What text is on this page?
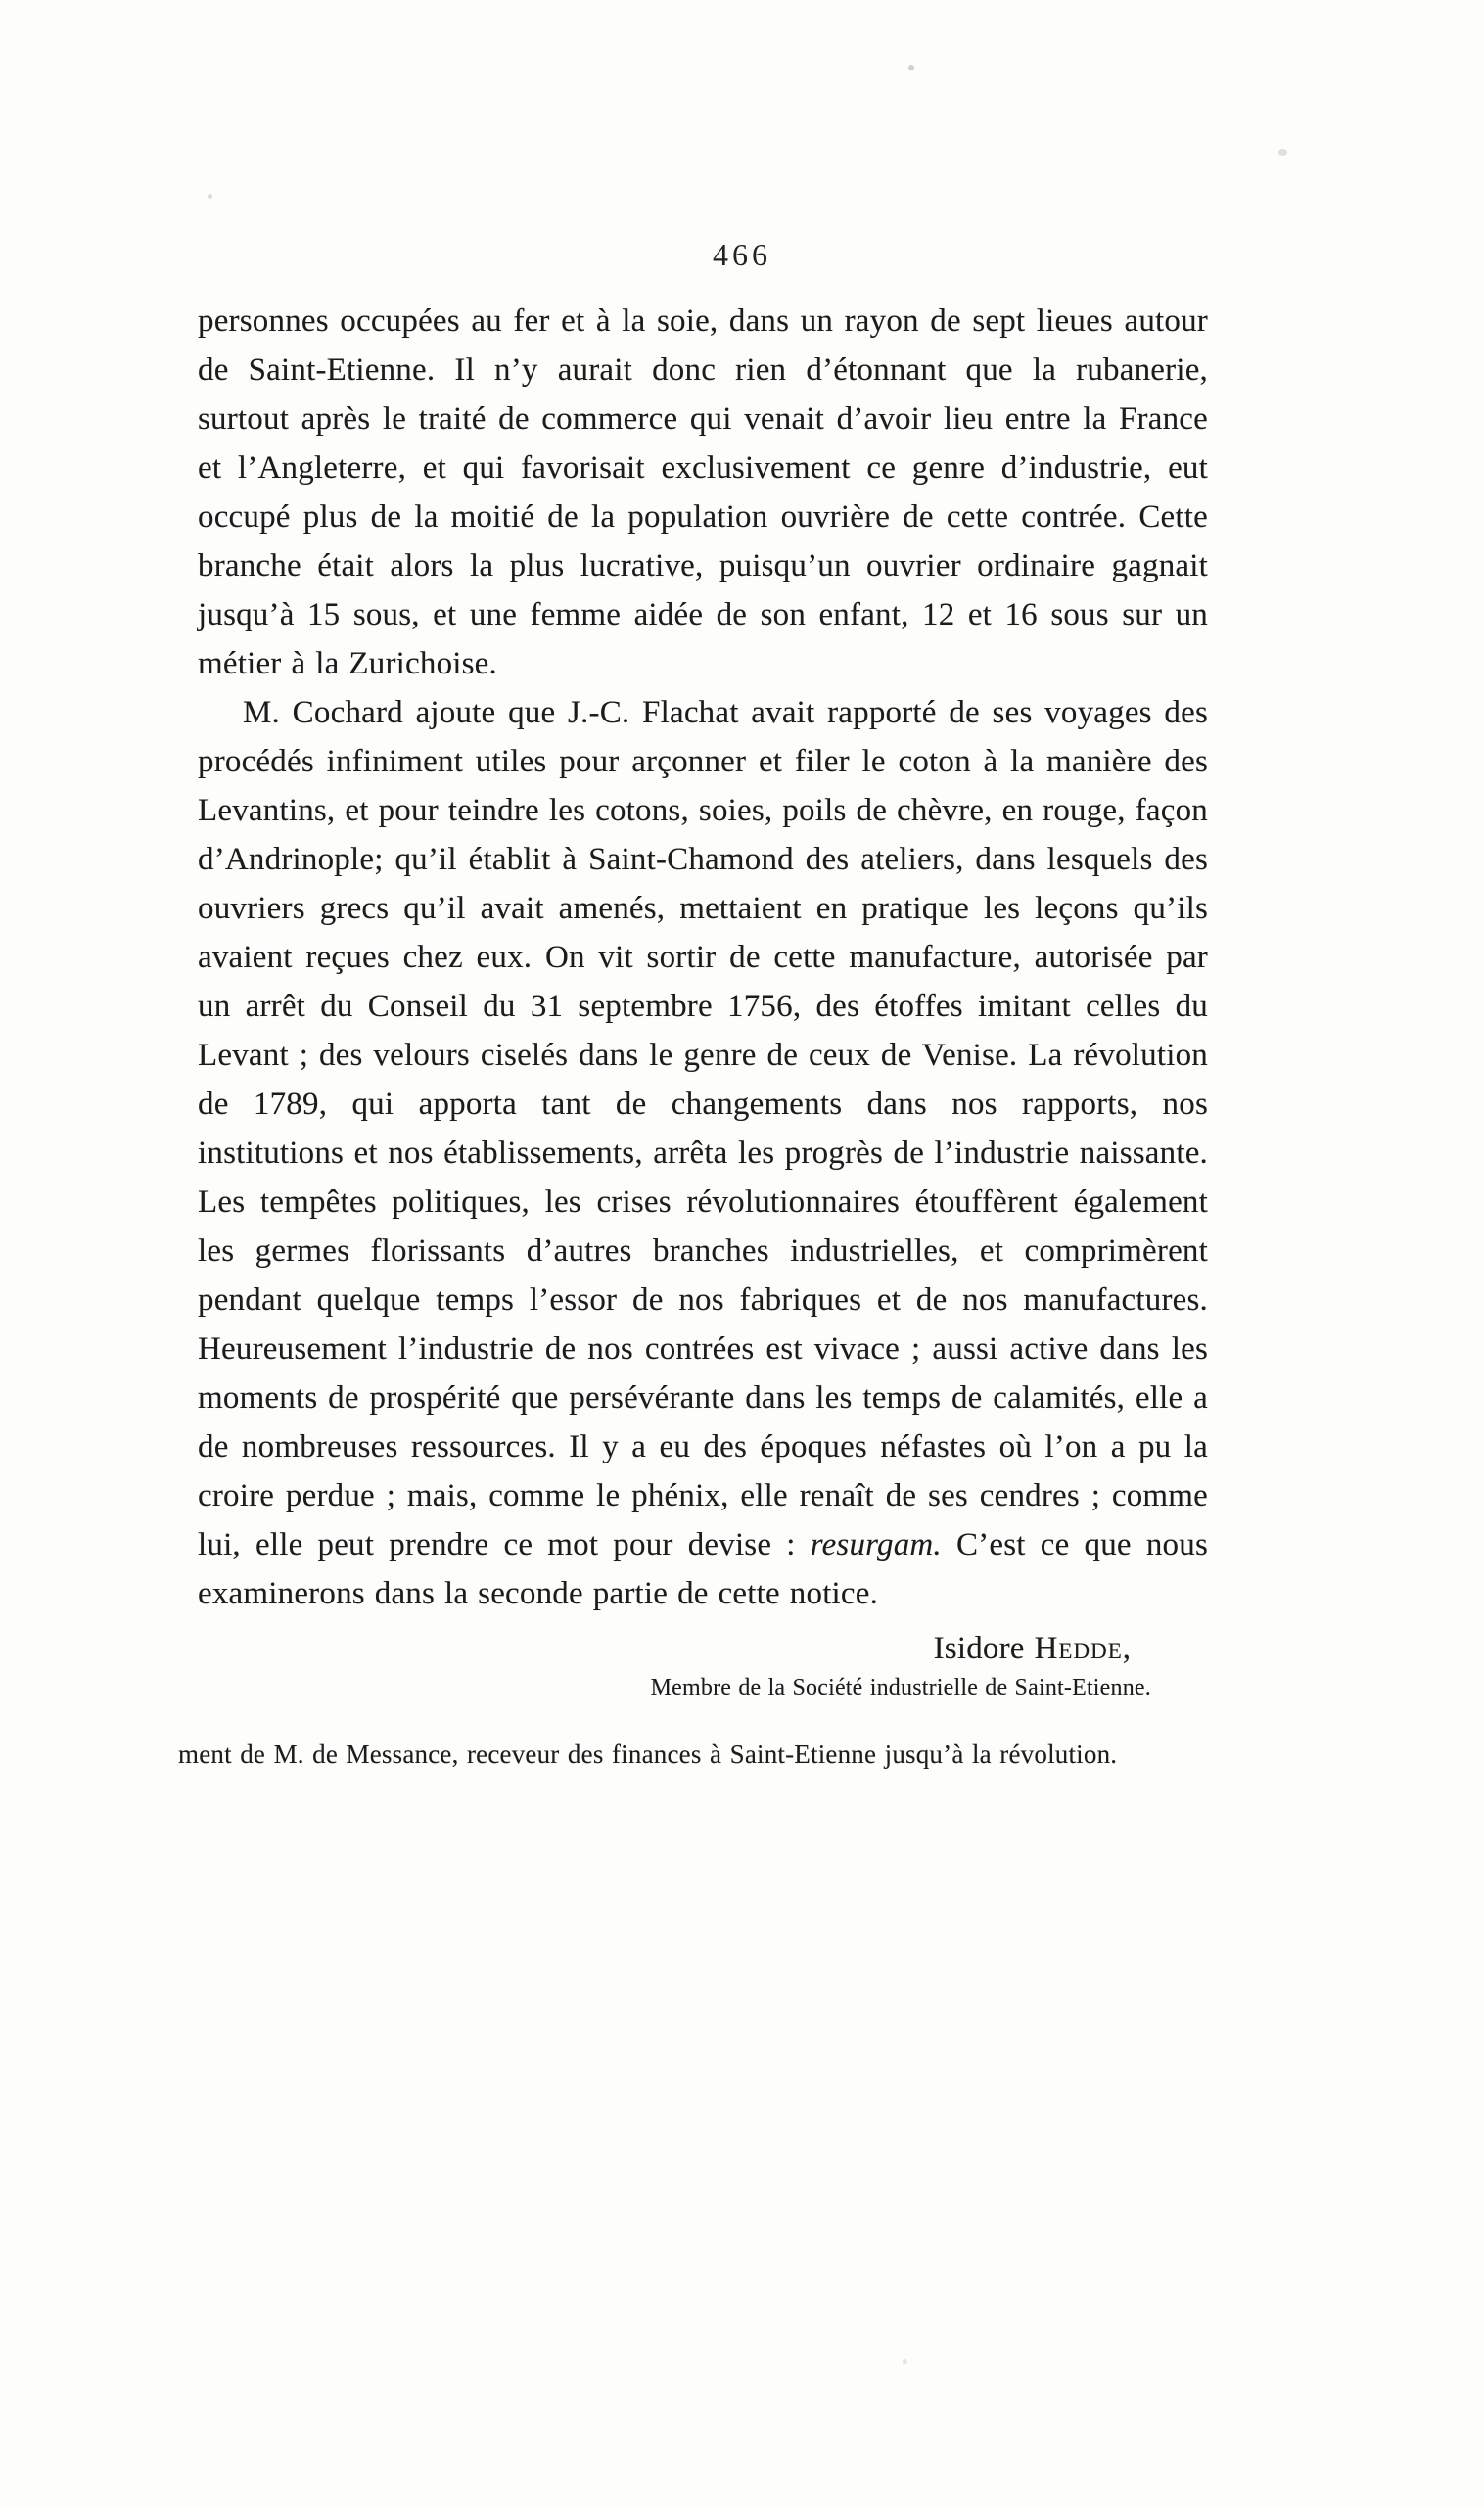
466

personnes occupées au fer et à la soie, dans un rayon de sept lieues autour de Saint-Etienne. Il n’y aurait donc rien d’étonnant que la rubanerie, surtout après le traité de commerce qui venait d’avoir lieu entre la France et l’Angleterre, et qui favorisait exclusivement ce genre d’industrie, eut occupé plus de la moitié de la population ouvrière de cette contrée. Cette branche était alors la plus lucrative, puisqu’un ouvrier ordinaire gagnait jusqu’à 15 sous, et une femme aidée de son enfant, 12 et 16 sous sur un métier à la Zurichoise.

M. Cochard ajoute que J.-C. Flachat avait rapporté de ses voyages des procédés infiniment utiles pour arçonner et filer le coton à la manière des Levantins, et pour teindre les cotons, soies, poils de chèvre, en rouge, façon d’Andrinople; qu’il établit à Saint-Chamond des ateliers, dans lesquels des ouvriers grecs qu’il avait amenés, mettaient en pratique les leçons qu’ils avaient reçues chez eux. On vit sortir de cette manufacture, autorisée par un arrêt du Conseil du 31 septembre 1756, des étoffes imitant celles du Levant ; des velours ciselés dans le genre de ceux de Venise. La révolution de 1789, qui apporta tant de changements dans nos rapports, nos institutions et nos établissements, arrêta les progrès de l’industrie naissante. Les tempêtes politiques, les crises révolutionnaires étouffèrent également les germes florissants d’autres branches industrielles, et comprimèrent pendant quelque temps l’essor de nos fabriques et de nos manufactures. Heureusement l’industrie de nos contrées est vivace ; aussi active dans les moments de prospérité que persévérante dans les temps de calamités, elle a de nombreuses ressources. Il y a eu des époques néfastes où l’on a pu la croire perdue ; mais, comme le phénix, elle renaît de ses cendres ; comme lui, elle peut prendre ce mot pour devise : resurgam. C’est ce que nous examinerons dans la seconde partie de cette notice.

Isidore Hedde,
Membre de la Société industrielle de Saint-Etienne.
ment de M. de Messance, receveur des finances à Saint-Etienne jusqu’à la révolution.
